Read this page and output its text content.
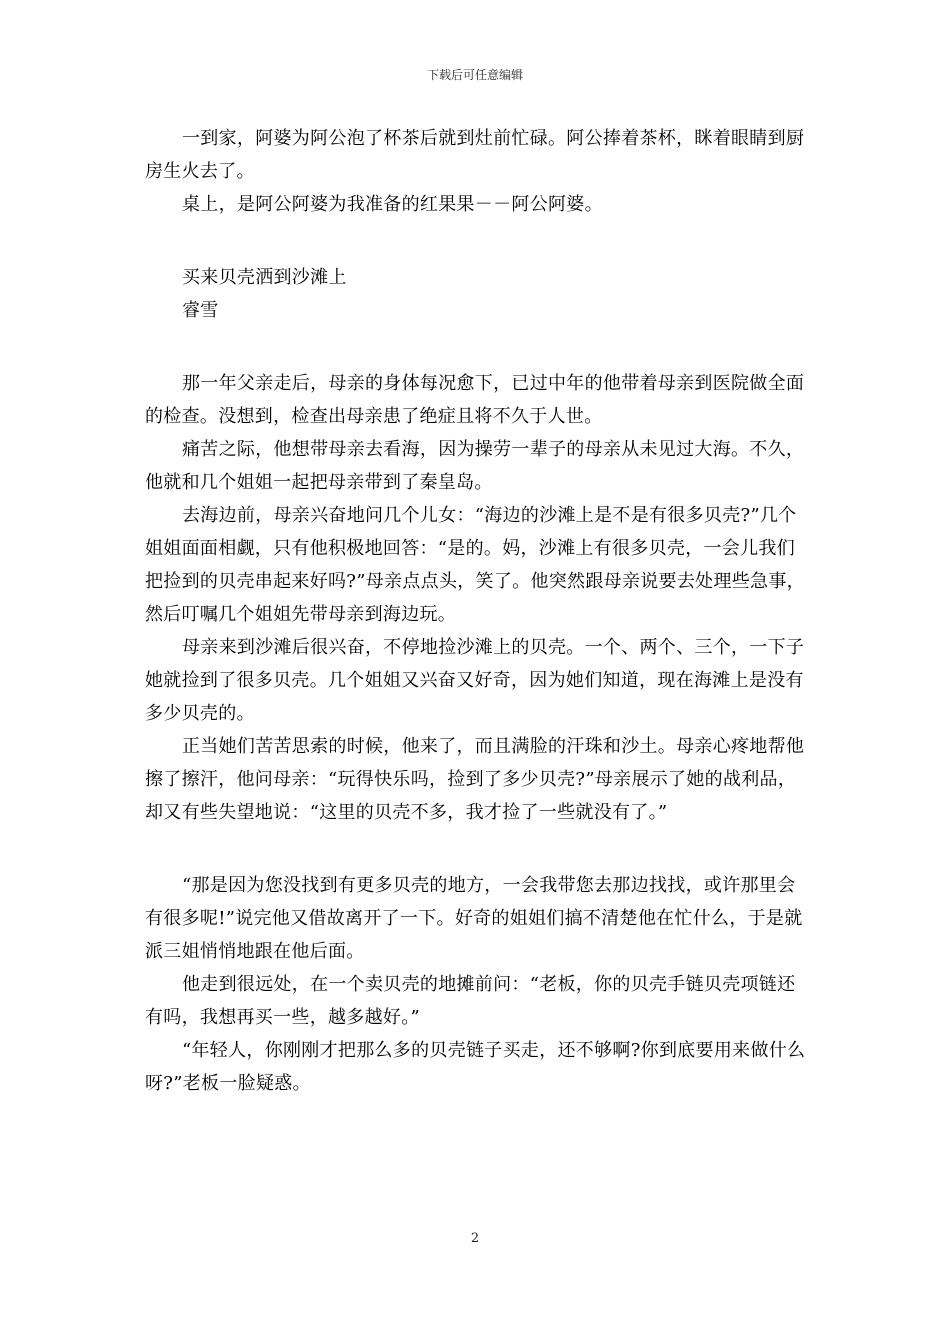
下载后可任意编辑

一到家，阿婆为阿公泡了杯茶后就到灶前忙碌。阿公捧着茶杯，眯着眼睛到厨房生火去了。

桌上，是阿公阿婆为我准备的红果果－－阿公阿婆。

买来贝壳洒到沙滩上

睿雪

那一年父亲走后，母亲的身体每况愈下，已过中年的他带着母亲到医院做全面的检查。没想到，检查出母亲患了绝症且将不久于人世。

痛苦之际，他想带母亲去看海，因为操劳一辈子的母亲从未见过大海。不久，他就和几个姐姐一起把母亲带到了秦皇岛。

去海边前，母亲兴奋地问几个儿女：“海边的沙滩上是不是有很多贝壳?”几个姐姐面面相觑，只有他积极地回答：“是的。妈，沙滩上有很多贝壳，一会儿我们把捡到的贝壳串起来好吗?”母亲点点头，笑了。他突然跟母亲说要去处理些急事，然后叮嘱几个姐姐先带母亲到海边玩。

母亲来到沙滩后很兴奋，不停地捡沙滩上的贝壳。一个、两个、三个，一下子她就捡到了很多贝壳。几个姐姐又兴奋又好奇，因为她们知道，现在海滩上是没有多少贝壳的。

正当她们苦苦思索的时候，他来了，而且满脸的汗珠和沙土。母亲心疼地帮他擦了擦汗，他问母亲：“玩得快乐吗，捡到了多少贝壳?”母亲展示了她的战利品，却又有些失望地说：“这里的贝壳不多，我才捡了一些就没有了。”

“那是因为您没找到有更多贝壳的地方，一会我带您去那边找找，或许那里会有很多呢!”说完他又借故离开了一下。好奇的姐姐们搞不清楚他在忙什么，于是就派三姐悄悄地跟在他后面。

他走到很远处，在一个卖贝壳的地摊前问：“老板，你的贝壳手链贝壳项链还有吗，我想再买一些，越多越好。”

“年轻人，你刚刚才把那么多的贝壳链子买走，还不够啊?你到底要用来做什么呀?”老板一脸疑惑。

2
